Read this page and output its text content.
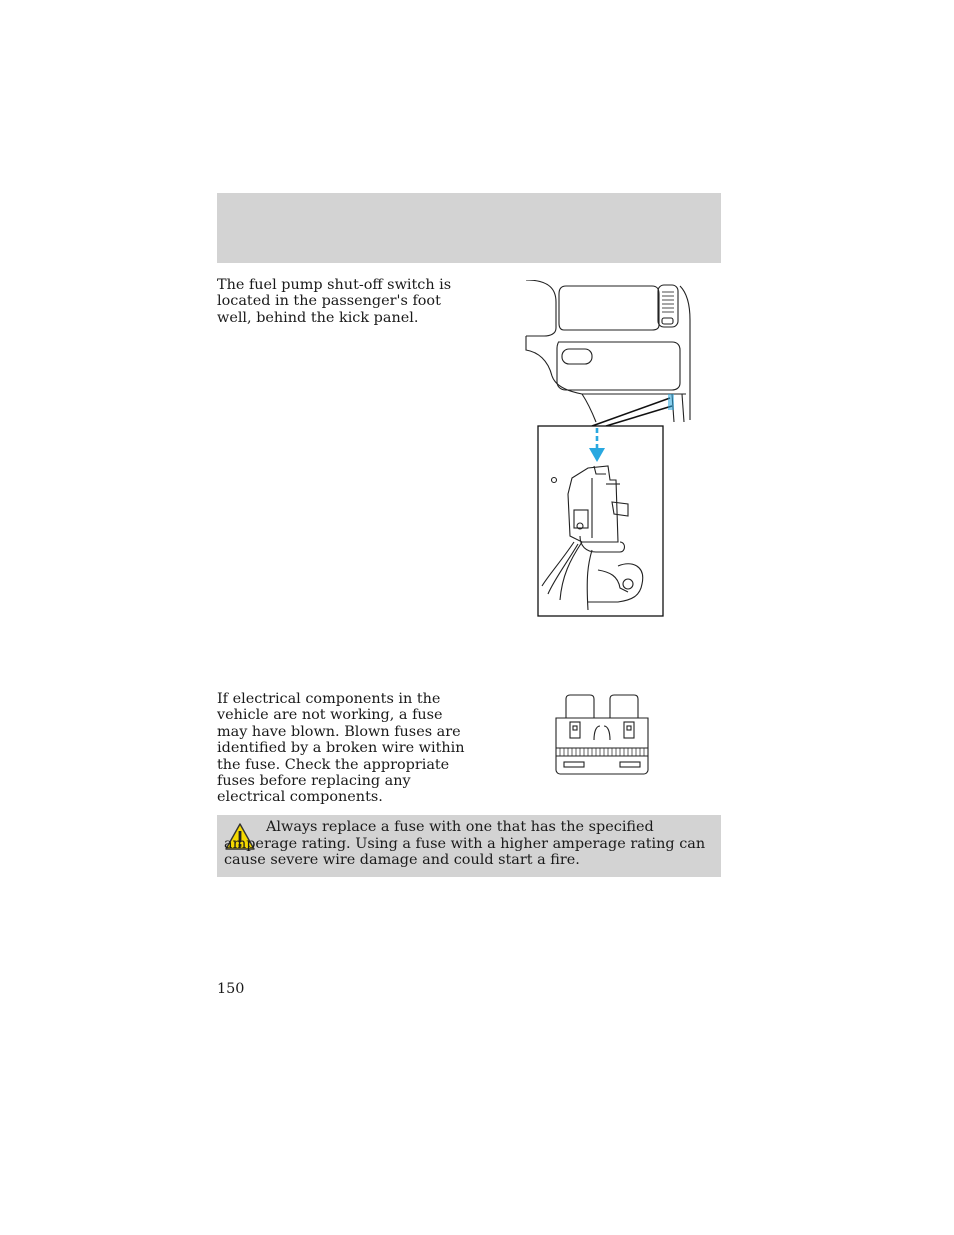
The fuel pump shut-off switch is located in the passenger's foot well, behind the kick panel.

If electrical components in the vehicle are not working, a fuse may have blown. Blown fuses are identified by a broken wire within the fuse. Check the appropriate fuses before replacing any electrical components.

Always replace a fuse with one that has the specified amperage rating. Using a fuse with a higher amperage rating can cause severe wire damage and could start a fire.
150
